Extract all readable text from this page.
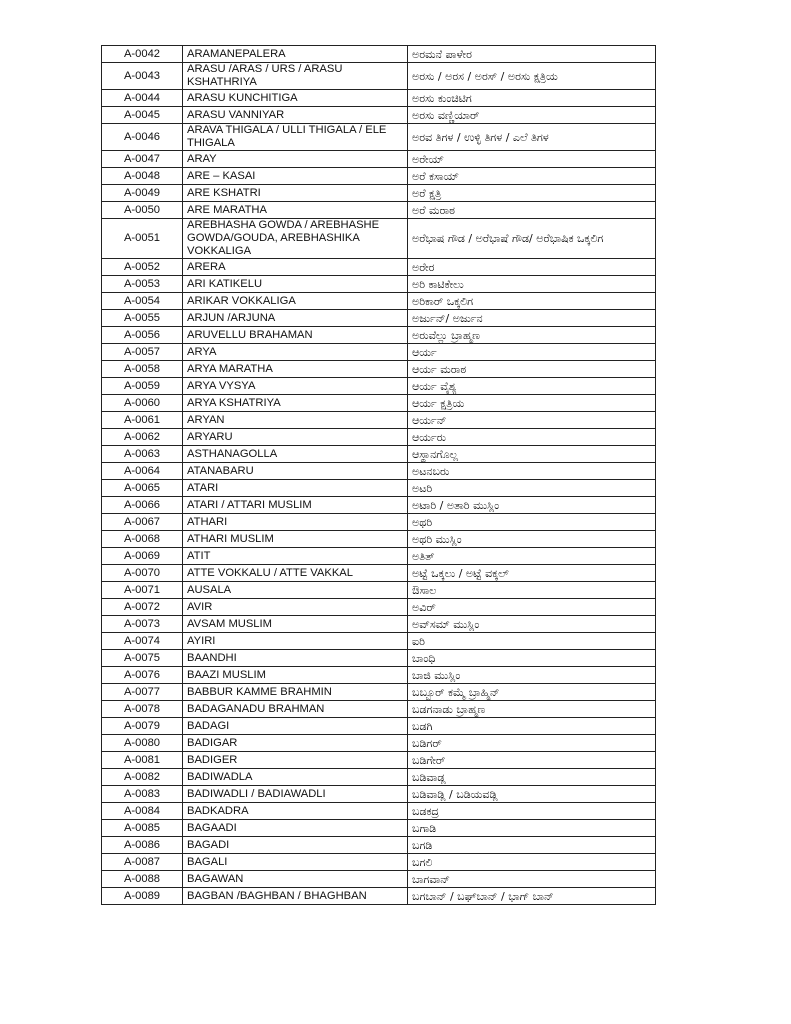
A-0042	ARAMANEPALERA	ಅರಮನೆ ಪಾಳೇರ
A-0043	ARASU /ARAS / URS / ARASU KSHATHRIYA	ಅರಸು / ಅರಸ / ಅರಸ್ / ಅರಸು ಕ್ಷತ್ರಿಯ
A-0044	ARASU KUNCHITIGA	ಅರಸು ಕುಂಚಿಟಿಗ
A-0045	ARASU VANNIYAR	ಅರಸು ವಣ್ಣಿಯಾರ್
A-0046	ARAVA THIGALA / ULLI THIGALA / ELE THIGALA	ಅರವ ತಿಗಳ / ಉಳ್ಳಿ ತಿಗಳ / ಎಲೆ ತಿಗಳ
A-0047	ARAY	ಅರೇಯ್
A-0048	ARE – KASAI	ಅರೆ ಕಸಾಯ್
A-0049	ARE KSHATRI	ಅರೆ ಕ್ಷತ್ರಿ
A-0050	ARE MARATHA	ಅರೆ ಮರಾಠ
A-0051	AREBHASHA GOWDA / AREBHASHE GOWDA/GOUDA, AREBHASHIKA VOKKALIGA	ಅರೆಭಾಷ ಗೌಡ / ಅರೆಭಾಷೆ ಗೌಡ/ ಅರೆಭಾಷಿಕ ಒಕ್ಕಲಿಗ
A-0052	ARERA	ಅರೇರ
A-0053	ARI KATIKELU	ಅರಿ ಕಾಟಿಕೇಲು
A-0054	ARIKAR VOKKALIGA	ಅರಿಕಾರ್ ಒಕ್ಕಲಿಗ
A-0055	ARJUN /ARJUNA	ಅರ್ಜುನ್/ ಅರ್ಜುನ
A-0056	ARUVELLU BRAHAMAN	ಅರುವೆಲ್ಲು ಬ್ರಾಹ್ಮಣ
A-0057	ARYA	ಆರ್ಯ
A-0058	ARYA MARATHA	ಆರ್ಯ ಮರಾಠ
A-0059	ARYA VYSYA	ಆರ್ಯ ವೈಶ್ಯ
A-0060	ARYA KSHATRIYA	ಆರ್ಯ ಕ್ಷತ್ರಿಯ
A-0061	ARYAN	ಆರ್ಯನ್
A-0062	ARYARU	ಆರ್ಯರು
A-0063	ASTHANAGOLLA	ಆಸ್ಥಾನಗೊಲ್ಲ
A-0064	ATANABARU	ಅಟನಬರು
A-0065	ATARI	ಅಟರಿ
A-0066	ATARI / ATTARI MUSLIM	ಅಟಾರಿ / ಅತಾರಿ ಮುಸ್ಲಿಂ
A-0067	ATHARI	ಅಥರಿ
A-0068	ATHARI MUSLIM	ಅಥರಿ ಮುಸ್ಲಿಂ
A-0069	ATIT	ಅತಿತ್
A-0070	ATTE VOKKALU / ATTE VAKKAL	ಅಟ್ಟೆ ಒಕ್ಕಲು / ಅಟ್ಟೆ ವಕ್ಕಲ್
A-0071	AUSALA	ಔಸಾಲ
A-0072	AVIR	ಅವಿರ್
A-0073	AVSAM MUSLIM	ಅವ್‌ಸಮ್ ಮುಸ್ಲಿಂ
A-0074	AYIRI	ಐರಿ
A-0075	BAANDHI	ಬಾಂಧಿ
A-0076	BAAZI MUSLIM	ಬಾಜಿ ಮುಸ್ಲಿಂ
A-0077	BABBUR KAMME BRAHMIN	ಬಬ್ಬೂರ್ ಕಮ್ಮೆ ಬ್ರಾಹ್ಮಿನ್
A-0078	BADAGANADU BRAHMAN	ಬಡಗನಾಡು ಬ್ರಾಹ್ಮಣ
A-0079	BADAGI	ಬಡಗಿ
A-0080	BADIGAR	ಬಡಿಗರ್
A-0081	BADIGER	ಬಡಿಗೇರ್
A-0082	BADIWADLA	ಬಡಿವಾಡ್ಲ
A-0083	BADIWADLI / BADIAWADLI	ಬಡಿವಾಡ್ಲಿ / ಬಡಿಯವಡ್ಲಿ
A-0084	BADKADRA	ಬಡಕದ್ರ
A-0085	BAGAADI	ಬಗಾಡಿ
A-0086	BAGADI	ಬಗಡಿ
A-0087	BAGALI	ಬಗಲಿ
A-0088	BAGAWAN	ಬಾಗವಾನ್
A-0089	BAGBAN /BAGHBAN / BHAGHBAN	ಬಗಬಾನ್ / ಬಘ್‌ಬಾನ್ / ಭಾಗ್ ಬಾನ್
